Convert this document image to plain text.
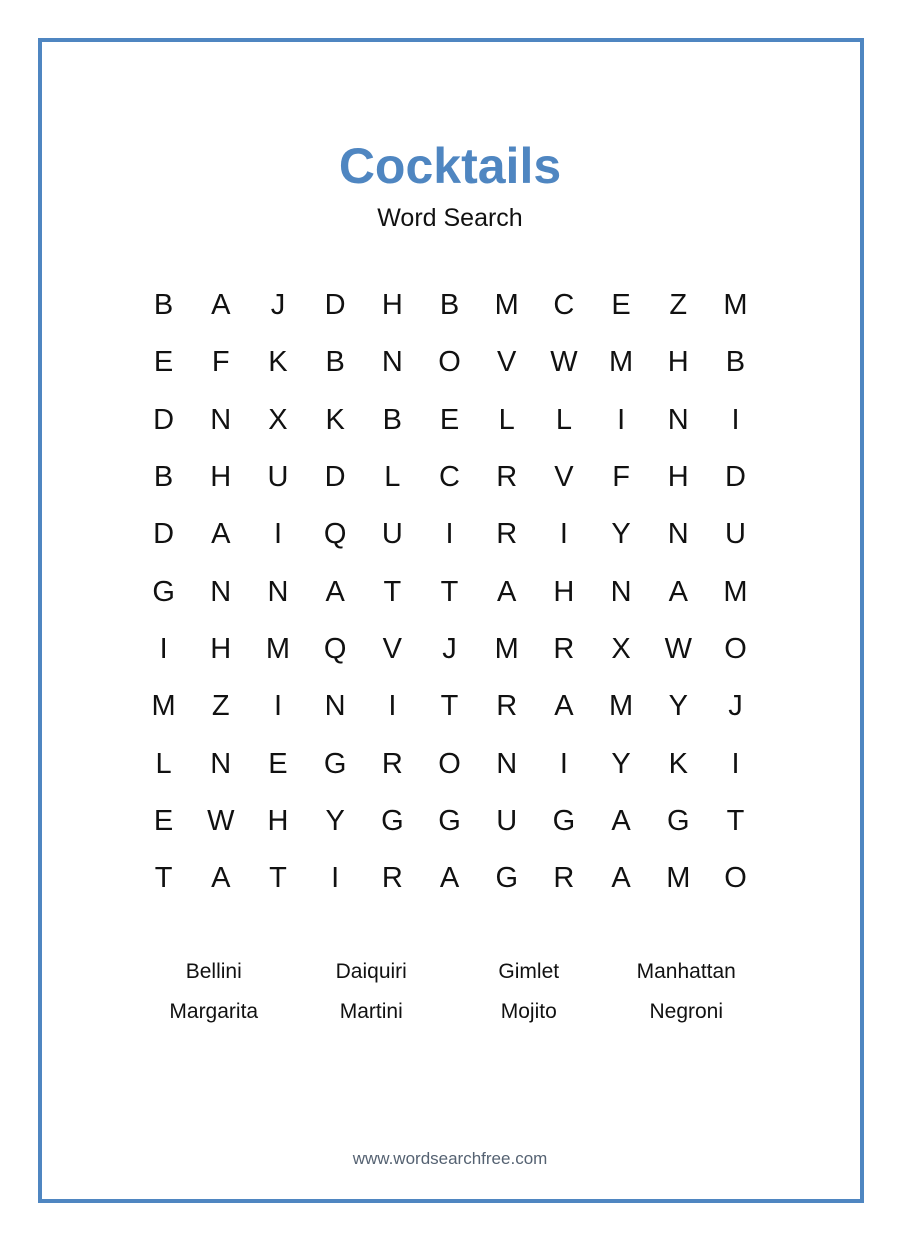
Cocktails
Word Search
B	A	J	D	H	B	M	C	E	Z	M
E	F	K	B	N	O	V	W	M	H	B
D	N	X	K	B	E	L	L	I	N	I
B	H	U	D	L	C	R	V	F	H	D
D	A	I	Q	U	I	R	I	Y	N	U
G	N	N	A	T	T	A	H	N	A	M
I	H	M	Q	V	J	M	R	X	W	O
M	Z	I	N	I	T	R	A	M	Y	J
L	N	E	G	R	O	N	I	Y	K	I
E	W	H	Y	G	G	U	G	A	G	T
T	A	T	I	R	A	G	R	A	M	O
Bellini	Daiquiri	Gimlet	Manhattan
Margarita	Martini	Mojito	Negroni
www.wordsearchfree.com
